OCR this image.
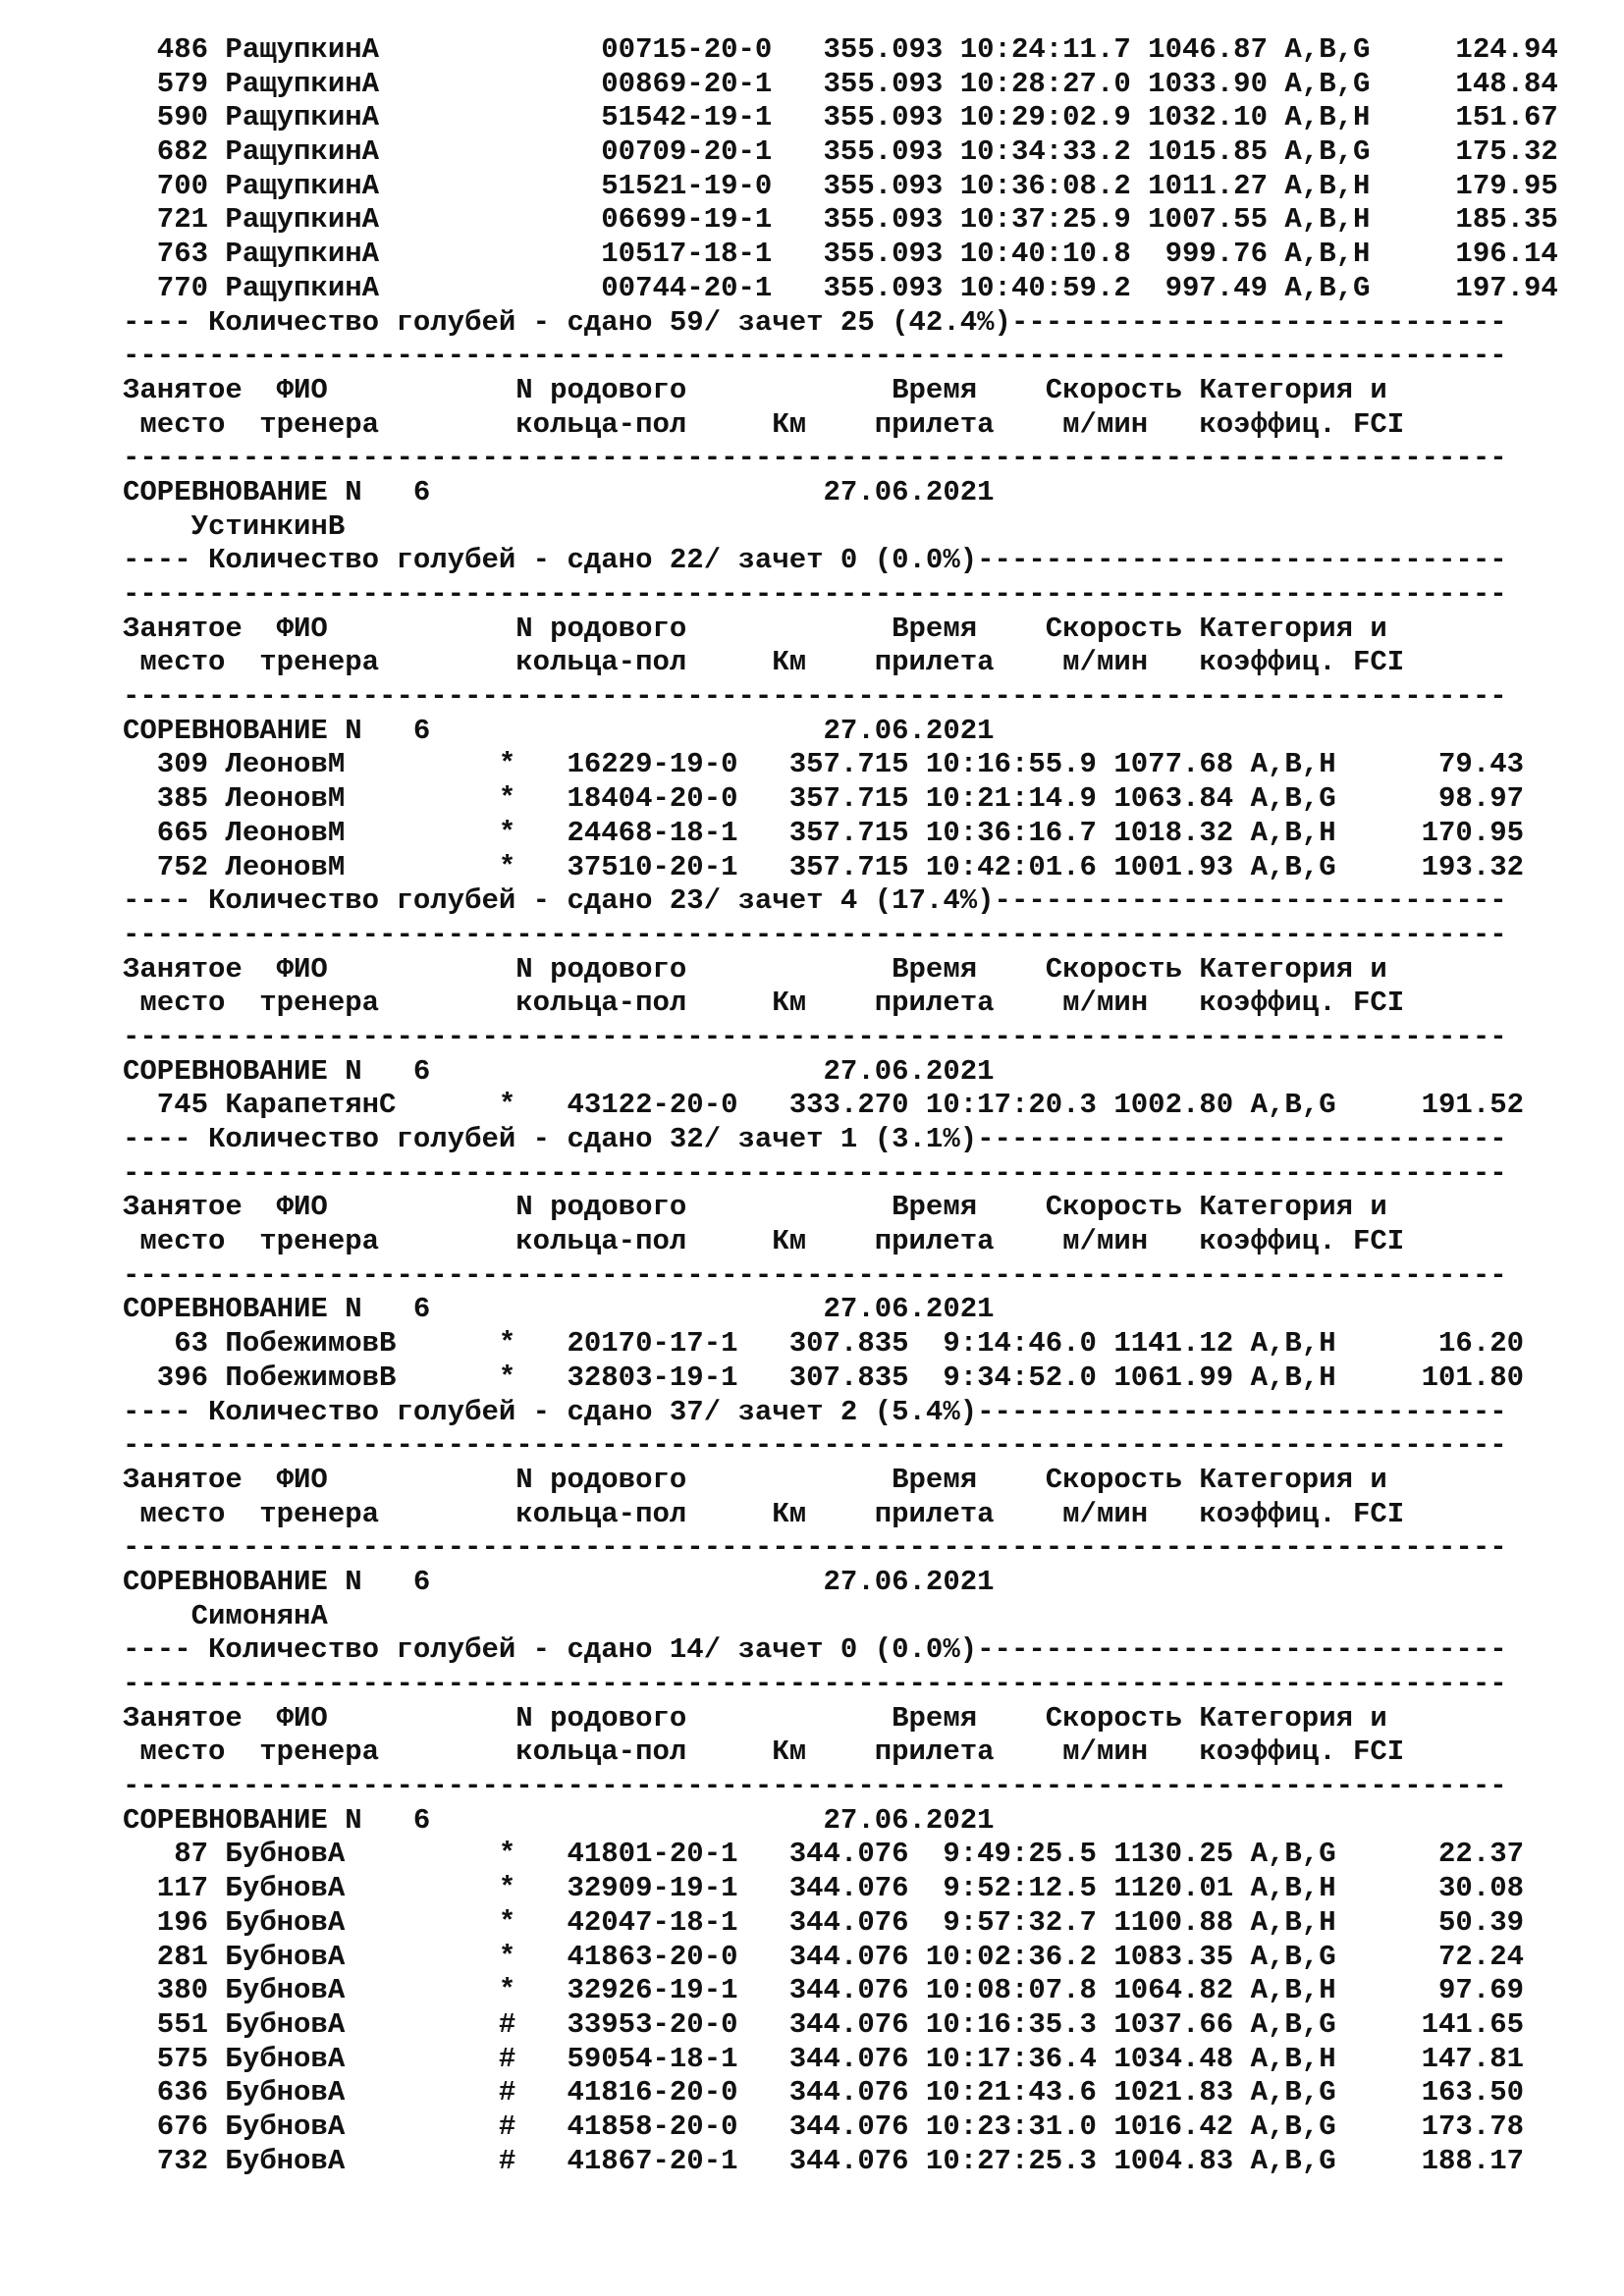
486 РащупкинА             00715-20-0   355.093 10:24:11.7 1046.87 A,B,G     124.94
579 РащупкинА             00869-20-1   355.093 10:28:27.0 1033.90 A,B,G     148.84
590 РащупкинА             51542-19-1   355.093 10:29:02.9 1032.10 A,B,H     151.67
682 РащупкинА             00709-20-1   355.093 10:34:33.2 1015.85 A,B,G     175.32
700 РащупкинА             51521-19-0   355.093 10:36:08.2 1011.27 A,B,H     179.95
721 РащупкинА             06699-19-1   355.093 10:37:25.9 1007.55 A,B,H     185.35
763 РащупкинА             10517-18-1   355.093 10:40:10.8  999.76 A,B,H     196.14
770 РащупкинА             00744-20-1   355.093 10:40:59.2  997.49 A,B,G     197.94
---- Количество голубей - сдано 59/ зачет 25 (42.4%)-----------------------------
---------------------------------------------------------------------------------
Занятое  ФИО           N родового            Время    Скорость Категория и
место  тренера        кольца-пол     Км    прилета    м/мин   коэффиц. FCI
---------------------------------------------------------------------------------
СОРЕВНОВАНИЕ N   6                       27.06.2021
УстинкинВ
---- Количество голубей - сдано 22/ зачет 0 (0.0%)-------------------------------
---------------------------------------------------------------------------------
Занятое  ФИО           N родового            Время    Скорость Категория и
место  тренера        кольца-пол     Км    прилета    м/мин   коэффиц. FCI
---------------------------------------------------------------------------------
СОРЕВНОВАНИЕ N   6                       27.06.2021
309 ЛеоновМ         *   16229-19-0   357.715 10:16:55.9 1077.68 A,B,H      79.43
385 ЛеоновМ         *   18404-20-0   357.715 10:21:14.9 1063.84 A,B,G      98.97
665 ЛеоновМ         *   24468-18-1   357.715 10:36:16.7 1018.32 A,B,H     170.95
752 ЛеоновМ         *   37510-20-1   357.715 10:42:01.6 1001.93 A,B,G     193.32
---- Количество голубей - сдано 23/ зачет 4 (17.4%)------------------------------
---------------------------------------------------------------------------------
Занятое  ФИО           N родового            Время    Скорость Категория и
место  тренера        кольца-пол     Км    прилета    м/мин   коэффиц. FCI
---------------------------------------------------------------------------------
СОРЕВНОВАНИЕ N   6                       27.06.2021
745 КарапетянС      *   43122-20-0   333.270 10:17:20.3 1002.80 A,B,G     191.52
---- Количество голубей - сдано 32/ зачет 1 (3.1%)-------------------------------
---------------------------------------------------------------------------------
Занятое  ФИО           N родового            Время    Скорость Категория и
место  тренера        кольца-пол     Км    прилета    м/мин   коэффиц. FCI
---------------------------------------------------------------------------------
СОРЕВНОВАНИЕ N   6                       27.06.2021
63 ПобежимовВ      *   20170-17-1   307.835  9:14:46.0 1141.12 A,B,H      16.20
396 ПобежимовВ      *   32803-19-1   307.835  9:34:52.0 1061.99 A,B,H     101.80
---- Количество голубей - сдано 37/ зачет 2 (5.4%)-------------------------------
---------------------------------------------------------------------------------
Занятое  ФИО           N родового            Время    Скорость Категория и
место  тренера        кольца-пол     Км    прилета    м/мин   коэффиц. FCI
---------------------------------------------------------------------------------
СОРЕВНОВАНИЕ N   6                       27.06.2021
СимонянА
---- Количество голубей - сдано 14/ зачет 0 (0.0%)-------------------------------
---------------------------------------------------------------------------------
Занятое  ФИО           N родового            Время    Скорость Категория и
место  тренера        кольца-пол     Км    прилета    м/мин   коэффиц. FCI
---------------------------------------------------------------------------------
СОРЕВНОВАНИЕ N   6                       27.06.2021
87 БубновА         *   41801-20-1   344.076  9:49:25.5 1130.25 A,B,G      22.37
117 БубновА         *   32909-19-1   344.076  9:52:12.5 1120.01 A,B,H      30.08
196 БубновА         *   42047-18-1   344.076  9:57:32.7 1100.88 A,B,H      50.39
281 БубновА         *   41863-20-0   344.076 10:02:36.2 1083.35 A,B,G      72.24
380 БубновА         *   32926-19-1   344.076 10:08:07.8 1064.82 A,B,H      97.69
551 БубновА         #   33953-20-0   344.076 10:16:35.3 1037.66 A,B,G     141.65
575 БубновА         #   59054-18-1   344.076 10:17:36.4 1034.48 A,B,H     147.81
636 БубновА         #   41816-20-0   344.076 10:21:43.6 1021.83 A,B,G     163.50
676 БубновА         #   41858-20-0   344.076 10:23:31.0 1016.42 A,B,G     173.78
732 БубновА         #   41867-20-1   344.076 10:27:25.3 1004.83 A,B,G     188.17
